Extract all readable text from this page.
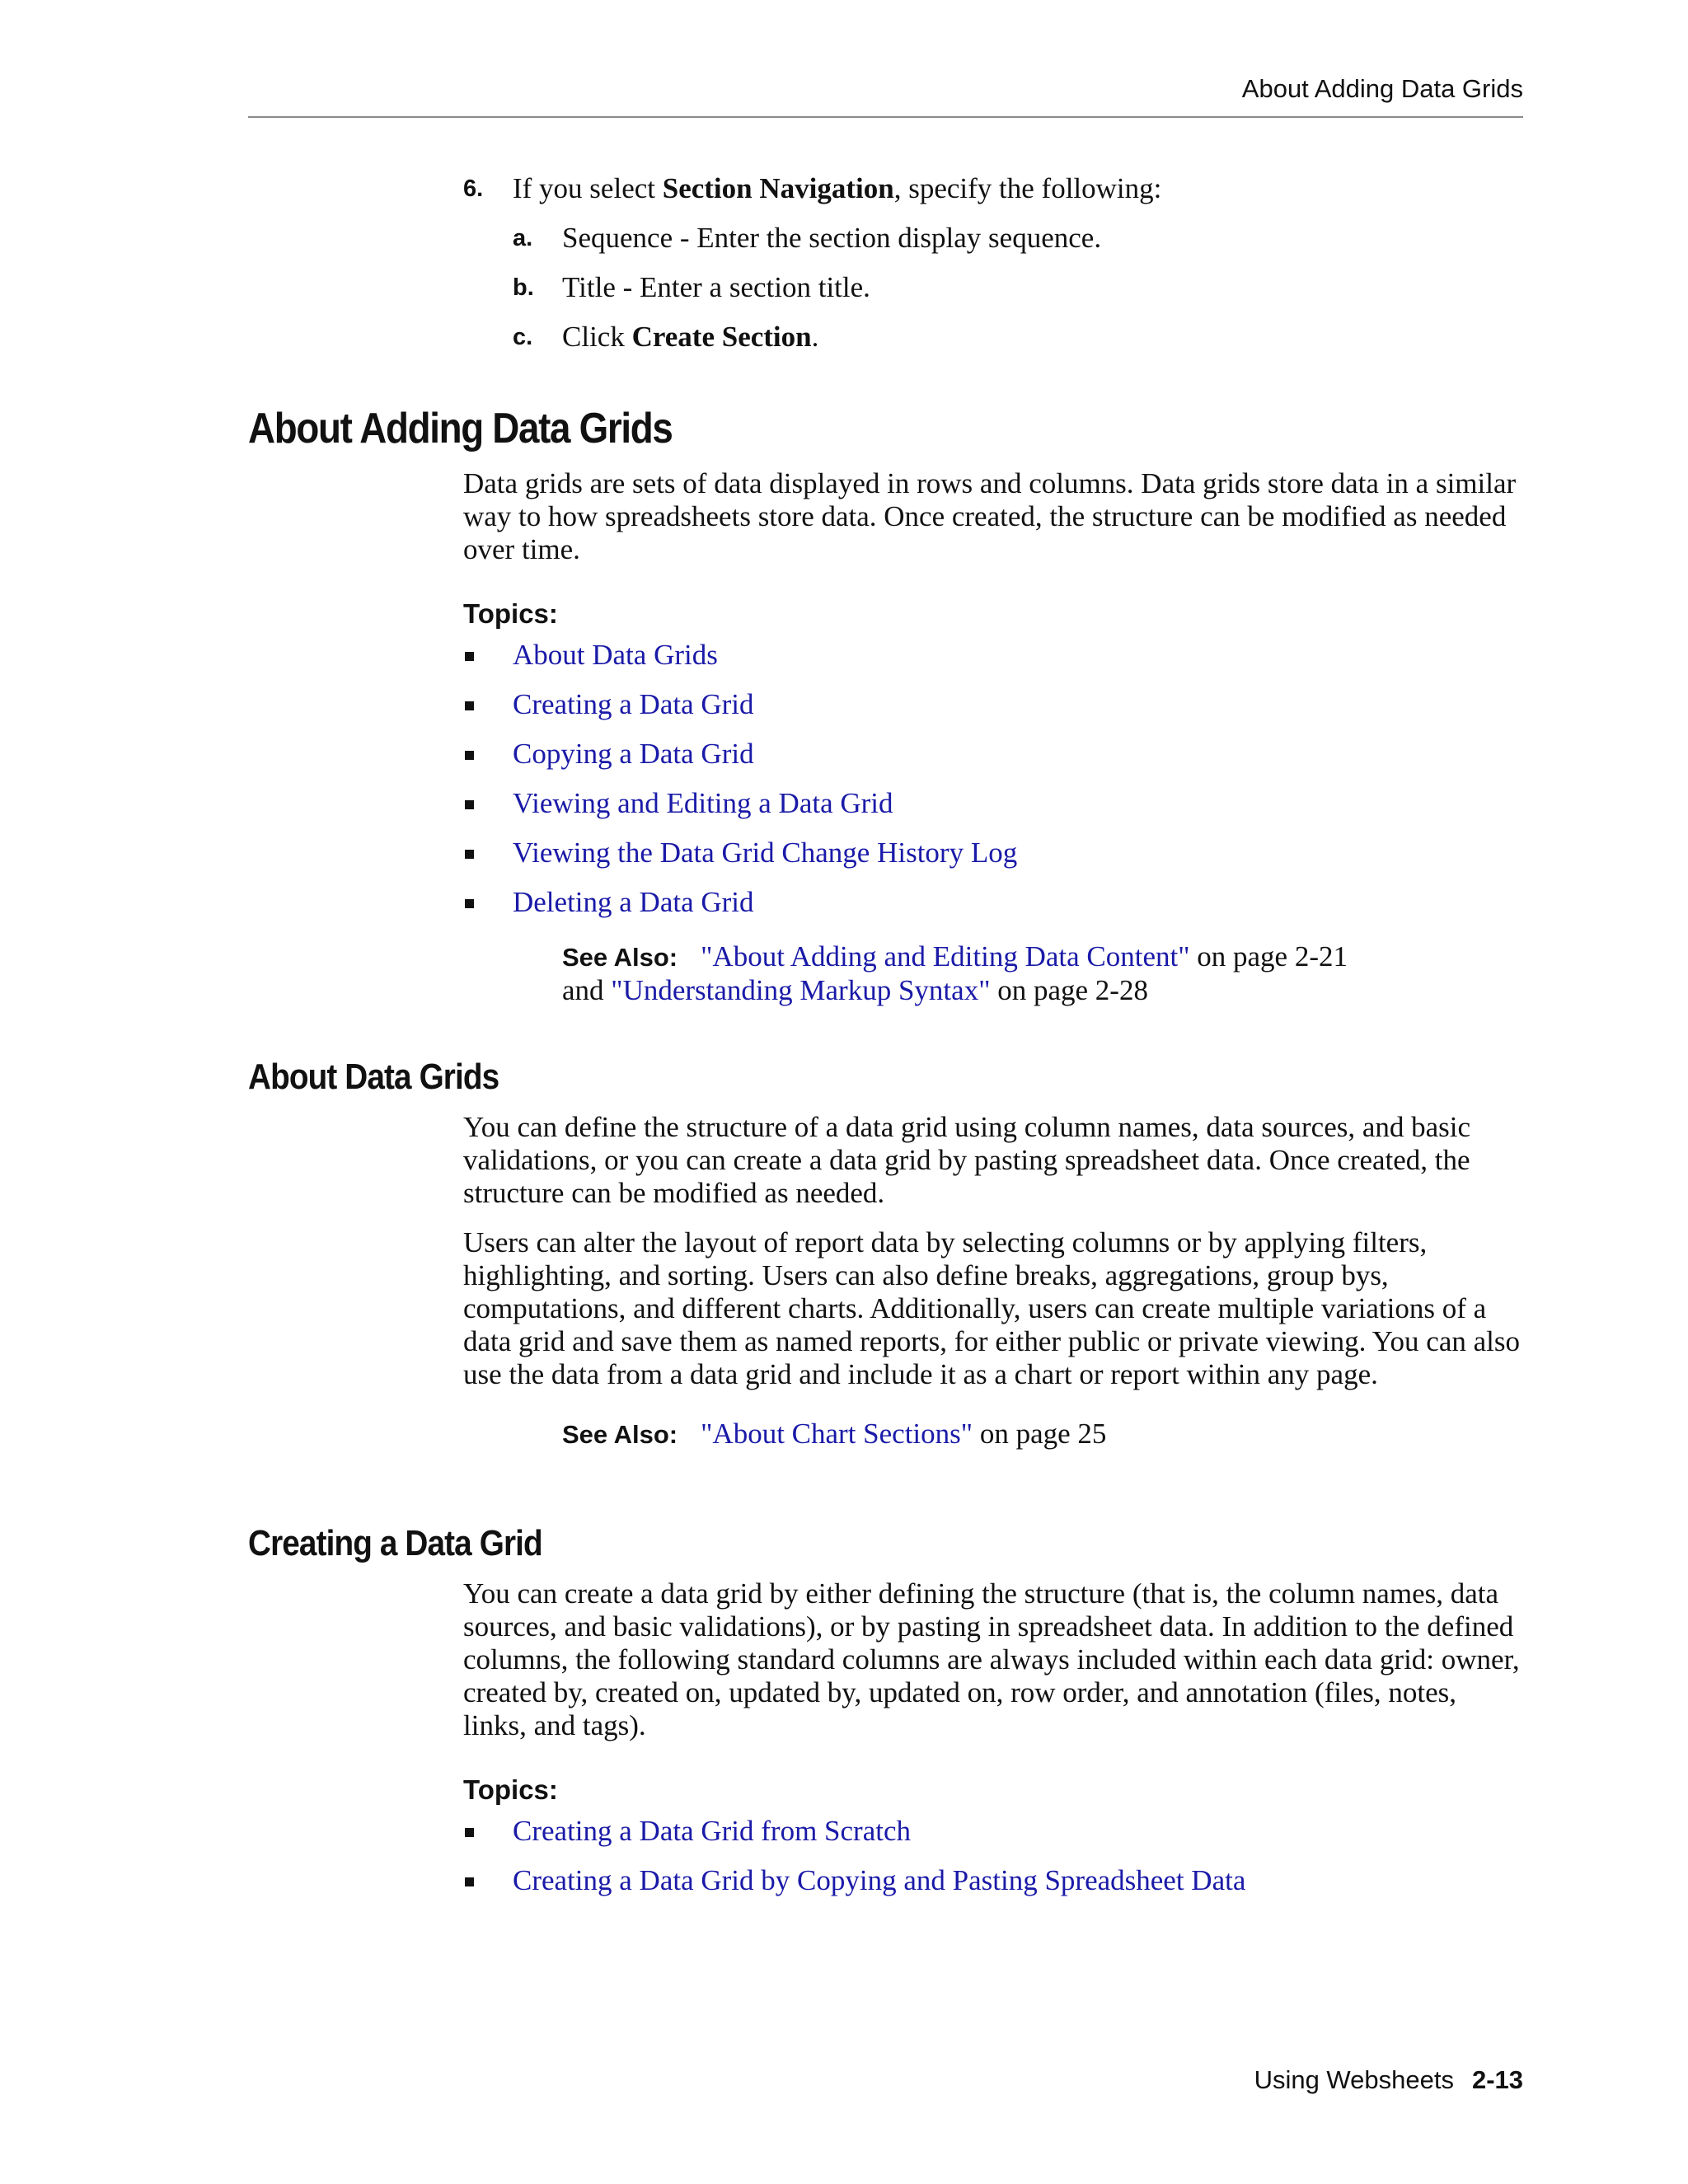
About Adding Data Grids
6.	If you select Section Navigation, specify the following:
a. Sequence - Enter the section display sequence.
b. Title - Enter a section title.
c. Click Create Section.
About Adding Data Grids

Data grids are sets of data displayed in rows and columns. Data grids store data in a similar way to how spreadsheets store data. Once created, the structure can be modified as needed over time.

Topics:
About Data Grids
Creating a Data Grid
Copying a Data Grid
Viewing and Editing a Data Grid
Viewing the Data Grid Change History Log
Deleting a Data Grid
See Also: "About Adding and Editing Data Content" on page 2-21
and "Understanding Markup Syntax" on page 2-28
About Data Grids

You can define the structure of a data grid using column names, data sources, and basic validations, or you can create a data grid by pasting spreadsheet data. Once created, the structure can be modified as needed.

Users can alter the layout of report data by selecting columns or by applying filters, highlighting, and sorting. Users can also define breaks, aggregations, group bys, computations, and different charts. Additionally, users can create multiple variations of a data grid and save them as named reports, for either public or private viewing. You can also use the data from a data grid and include it as a chart or report within any page.

See Also: "About Chart Sections" on page 25
Creating a Data Grid

You can create a data grid by either defining the structure (that is, the column names, data sources, and basic validations), or by pasting in spreadsheet data. In addition to the defined columns, the following standard columns are always included within each data grid: owner, created by, created on, updated by, updated on, row order, and annotation (files, notes, links, and tags).

Topics:
Creating a Data Grid from Scratch
Creating a Data Grid by Copying and Pasting Spreadsheet Data
Using Websheets 2-13
